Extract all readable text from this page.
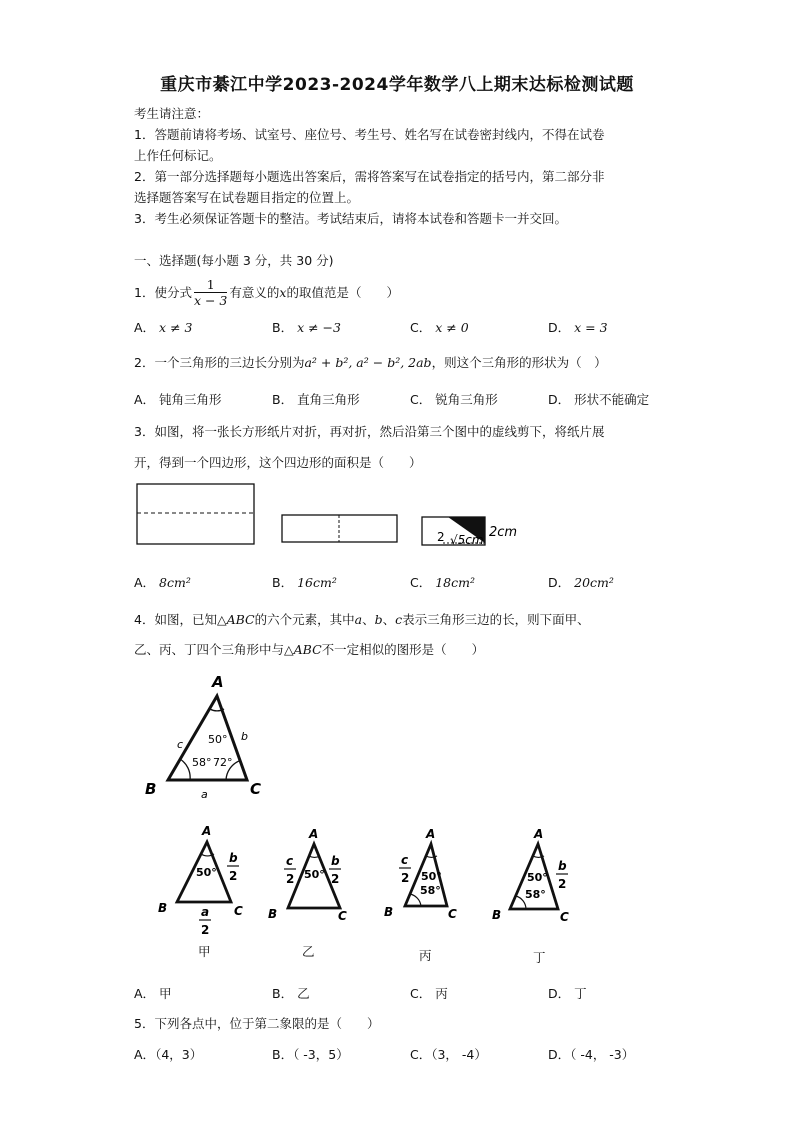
重庆市綦江中学2023-2024学年数学八上期末达标检测试题
考生请注意：
1．答题前请将考场、试室号、座位号、考生号、姓名写在试卷密封线内，不得在试卷
上作任何标记。
2．第一部分选择题每小题选出答案后，需将答案写在试卷指定的括号内，第二部分非
选择题答案写在试卷题目指定的位置上。
3．考生必须保证答题卡的整洁。考试结束后，请将本试卷和答题卡一并交回。
一、选择题(每小题 3 分，共 30 分)
1．使分式 $\frac{1}{x - 3}$ 有意义的 x 的取值范是（　　）
A． x ≠ 3	B． x ≠ −3	C． x ≠ 0	D． x = 3
2．一个三角形的三边长分别为a² + b², a² − b², 2ab，则这个三角形的形状为（　）
A． 钝角三角形	B． 直角三角形	C． 锐角三角形	D． 形状不能确定
3．如图，将一张长方形纸片对折，再对折，然后沿第三个图中的虚线剪下，将纸片展
开，得到一个四边形，这个四边形的面积是（　　）
2 √5cm 2cm
A． 8cm²	B． 16cm²	C． 18cm²	D． 20cm²
4．如图，已知△ABC的六个元素，其中a、b、c表示三角形三边的长，则下面甲、
乙、丙、丁四个三角形中与△ABC不一定相似的图形是（　　）
A
B	C
50°
58° 72°
c
b
a
A
B	C
50°
b
2
a
2
甲
A
B	C
50°
c
2
b
2
乙
A
B	C
50°
58°
c
2
丙
A
B	C
50°
58°
b
2
丁
A． 甲	B． 乙	C． 丙	D． 丁
5．下列各点中，位于第二象限的是（　　）
A．（4，3）	B．（ -3，5）	C．（3， -4）	D．（ -4， -3）
